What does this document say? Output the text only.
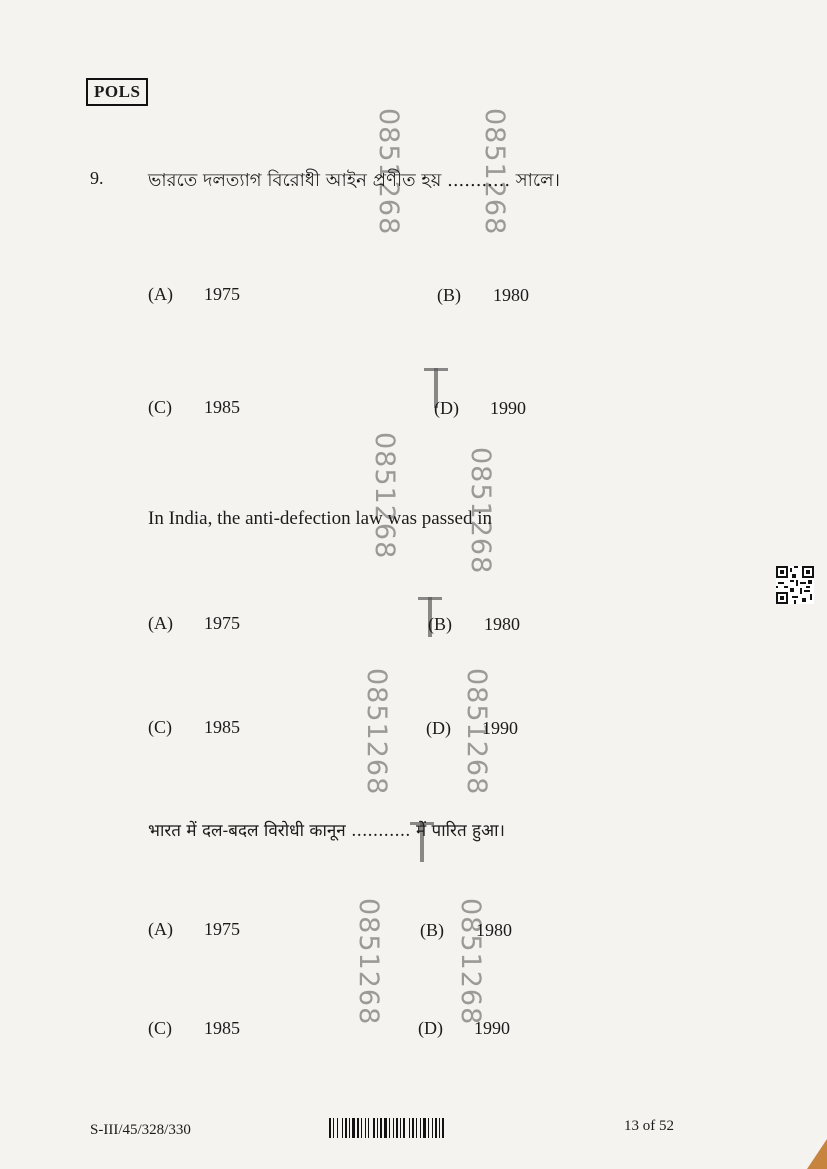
POLS
0851268	0851268
0851268 0851268
0851268	0851268
0851268	0851268
9. ভারতে দলত্যাগ বিরোধী আইন প্রণীত হয় ........... সালে।
(A) 1975	(B) 1980
(C) 1985	(D) 1990
In India, the anti-defection law was passed in
(A) 1975	(B) 1980
(C) 1985	(D) 1990
भारत में दल-बदल विरोधी कानून ........... में पारित हुआ।
(A) 1975	(B) 1980
(C) 1985	(D) 1990
S-III/45/328/330	13 of 52
